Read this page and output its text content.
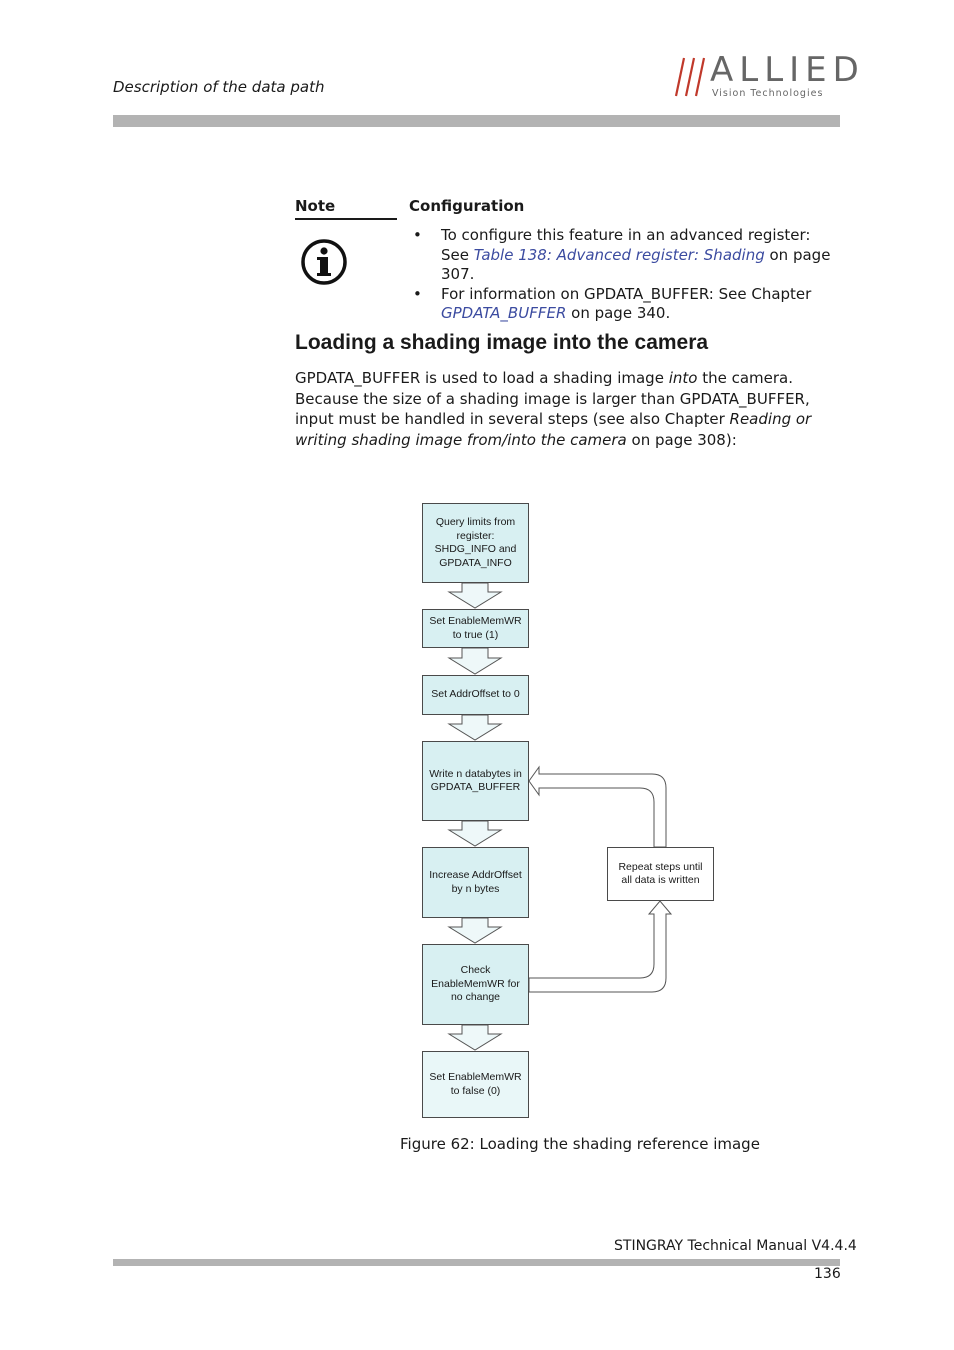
Description of the data path	ALLIED
Vision Technologies
Note	Configuration
• To configure this feature in an advanced register: See Table 138: Advanced register: Shading on page 307.
• For information on GPDATA_BUFFER: See Chapter GPDATA_BUFFER on page 340.
Loading a shading image into the camera
GPDATA_BUFFER is used to load a shading image into the camera. Because the size of a shading image is larger than GPDATA_BUFFER, input must be handled in several steps (see also Chapter Reading or writing shading image from/into the camera on page 308):
Query limits from register: SHDG_INFO and GPDATA_INFO
Set EnableMemWR to true (1)
Set AddrOffset to 0
Write n databytes in GPDATA_BUFFER
Increase AddrOffset by n bytes
Check EnableMemWR for no change
Set EnableMemWR to false (0)
Repeat steps until all data is written
Figure 62: Loading the shading reference image
STINGRAY Technical Manual V4.4.4
136
